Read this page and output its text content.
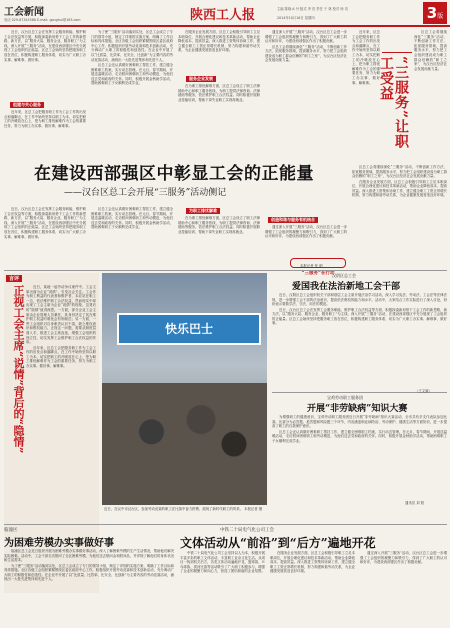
工会新闻
电话 029-87345588 E-mail: gonghui@163.com	陕西工人报	主编 陈晓 A 丹 版式 李 亮 责任 于 林 校对 杨 岚
2014年10月16日 星期四	3版

近日，汉台区总工会在发挥工会服务职能、维护职工合法权益等方面，积极探索新形势下工会工作的新思路、新方法，以“服务大局、服务企业、服务职工”为主线，深入开展“三服务”活动，在建设西部强区中充分展现了工会组织的正能量。区总工会始终坚持把服务职工放在首位，积极构建职工服务体系，切实为广大职工办实事、解难事、做好事。

组建与关心服务

近年来，区总工会把服务职工作为工会工作的出发点和落脚点，在工作中始终坚持以职工为本，切实把职工的冷暖放在心上，把为职工排忧解难作为工会的重要任务，努力为职工办实事、做好事、解难事。

为了使“三服务”活动落到实处，区总工会成立了专门的领导小组，制定了详细的实施方案，明确了工作目标和具体措施。全区各级工会组织紧紧围绕区委区政府中心工作，积极组织开展劳动竞赛和技术创新活动，充分调动广大职工的积极性和创造性。在企业中开展了以“比质量、比效率、比安全、比创新”为主要内容的劳动竞赛活动，涌现出一大批先进集体和先进个人。

区总工会还认真做好困难职工帮扶工作，建立健全困难职工档案，实行动态管理。在元旦、春节期间，开展送温暖活动，走访慰问困难职工和劳动模范，为他们送去党和政府的关怀。同时，积极开展金秋助学活动，帮助困难职工子女顺利完成学业。

在服务企业发展方面，区总工会积极引导职工立足本职岗位，开展合理化建议和技术革新活动，帮助企业降低成本、提高效益。深入推进工资集体协商工作，建立健全职工工资正常增长机制，努力构建和谐劳动关系，为企业健康发展营造良好环境。

服务企业发展

在为职工排忧解难方面，区总工会设立了职工法律援助中心和职工服务热线，为职工提供法律咨询、法律援助等服务，依法维护职工合法权益。同时积极开展职业技能培训，帮助下岗失业职工实现再就业。

通过深入开展“三服务”活动，汉台区总工会进一步增强了工会组织的凝聚力和吸引力，得到了广大职工的认可和好评，为建设西部强区作出了积极贡献。

区总工会将继续深化“三服务”活动，不断创新工作方法，拓宽服务领域，提高服务水平，努力把工会组织建设成为职工群众信赖的“职工之家”，为汉台区经济社会发展贡献力量。	“三服务”让职工受益

近年来，区总工会把服务职工作为工会工作的出发点和落脚点，在工作中始终坚持以职工为本，切实把职工的冷暖放在心上，把为职工排忧解难作为工会的重要任务，努力为职工办实事、做好事、解难事。

区总工会将继续深化“三服务”活动，不断创新工作方法，拓宽服务领域，提高服务水平，努力把工会组织建设成为职工群众信赖的“职工之家”，为汉台区经济社会发展贡献力量。

在建设西部强区中彰显工会的正能量
——汉台区总工会开展“三服务”活动侧记

近日，汉台区总工会在发挥工会服务职能、维护职工合法权益等方面，积极探索新形势下工会工作的新思路、新方法，以“服务大局、服务企业、服务职工”为主线，深入开展“三服务”活动，在建设西部强区中充分展现了工会组织的正能量。区总工会始终坚持把服务职工放在首位，积极构建职工服务体系，切实为广大职工办实事、解难事、做好事。

区总工会还认真做好困难职工帮扶工作，建立健全困难职工档案，实行动态管理。在元旦、春节期间，开展送温暖活动，走访慰问困难职工和劳动模范，为他们送去党和政府的关怀。同时，积极开展金秋助学活动，帮助困难职工子女顺利完成学业。

为职工排忧解难

在为职工排忧解难方面，区总工会设立了职工法律援助中心和职工服务热线，为职工提供法律咨询、法律援助等服务，依法维护职工合法权益。同时积极开展职业技能培训，帮助下岗失业职工实现再就业。

创造和谐与服务有机结合

通过深入开展“三服务”活动，汉台区总工会进一步增强了工会组织的凝聚力和吸引力，得到了广大职工的认可和好评，为建设西部强区作出了积极贡献。

“三服务”在行动

区总工会将继续深化“三服务”活动，不断创新工作方法，拓宽服务领域，提高服务水平，努力把工会组织建设成为职工群众信赖的“职工之家”，为汉台区经济社会发展贡献力量。

在服务企业发展方面，区总工会积极引导职工立足本职岗位，开展合理化建议和技术革新活动，帮助企业降低成本、提高效益。深入推进工资集体协商工作，建立健全职工工资正常增长机制，努力构建和谐劳动关系，为企业健康发展营造良好环境。

言评
正视工会主席“说情”背后的“隐情”	近日，某地一起劳动争议案件中，工会主席出面为企业“说情”，引发社会关注。工会作为职工利益的代表者和维护者，本应站在职工一边，依法维护职工合法权益，然而现实中却出现了工会主席为企业“说情”的现象，这背后的“隐情”值得深思。一方面，部分企业工会主席由企业管理人员兼任，其身份决定了其在维护职工权益时难免会有所顾虑；另一方面，一些工会组织对自身职责认识不清，缺乏维权意识和维权能力。正视这一问题，需要从制度层面入手，推进工会主席直选，增强工会组织的独立性，切实发挥工会维护职工合法权益的作用。

近年来，区总工会把服务职工作为工会工作的出发点和落脚点，在工作中始终坚持以职工为本，切实把职工的冷暖放在心上，把为职工排忧解难作为工会的重要任务，努力为职工办实事、做好事、解难事。

快乐巴士
近日，在汉中市汉台区，参加劳动竞赛的职工在比赛中奋力拼搏，展现了新时代职工的风采。 本报记者 摄
汉阴区总工会
爱国我在法治新地工会干部

近日，汉阴区总工会组织机关干部和基层工会主席开展法治学习活动，深入学习宪法、劳动法、工会法等法律法规，进一步增强工会干部的法治意识，提高依法维权的能力和水平。活动中，大家结合工作实际进行了深入讨论，纷纷表示要做学法、守法、用法的模范。

近日，汉台区总工会在发挥工会服务职能、维护职工合法权益等方面，积极探索新形势下工会工作的新思路、新方法，以“服务大局、服务企业、服务职工”为主线，深入开展“三服务”活动，在建设西部强区中充分展现了工会组织的正能量。区总工会始终坚持把服务职工放在首位，积极构建职工服务体系，切实为广大职工办实事、解难事、做好事。

宝鸡劳动职工服务团
开展“非劳缺病”知识大赛

为增强职工的健康意识，宝鸡劳动职工服务团近日开展“非劳缺病”知识大赛活动，全市共有多支代表队参加比赛。比赛分为必答题、抢答题和风险题三个环节，内容涵盖职业病防治、劳动保护、健康生活等方面知识，进一步提高了职工的自我保护意识。

区总工会还认真做好困难职工帮扶工作，建立健全困难职工档案，实行动态管理。在元旦、春节期间，开展送温暖活动，走访慰问困难职工和劳动模范，为他们送去党和政府的关怀。同时，积极开展金秋助学活动，帮助困难职工子女顺利完成学业。

临潼区
为困难劳模办实事做好事

临潼区总工会近日组织开展为困难劳模办实事做好事活动，深入了解困难劳模的生产生活情况，帮助他们解决实际困难。活动中，工会干部走访慰问了全区困难劳模，为他们送去慰问金和慰问品，并详细了解他们的身体状况和生活需求。

为了使“三服务”活动落到实处，区总工会成立了专门的领导小组，制定了详细的实施方案，明确了工作目标和具体措施。全区各级工会组织紧紧围绕区委区政府中心工作，积极组织开展劳动竞赛和技术创新活动，充分调动广大职工的积极性和创造性。在企业中开展了以“比质量、比效率、比安全、比创新”为主要内容的劳动竞赛活动，涌现出一大批先进集体和先进个人。

中铁二十局电气化公司工会
文体活动从“前沿”到“后方”遍地开花

中铁二十局电气化公司工会坚持以人为本，积极开展丰富多彩的职工文体活动，丰富职工业余文化生活。从项目一线到机关后方，各类文体活动遍地开花，篮球赛、乒乓球赛、拔河比赛等活动吸引了广大职工积极参与，增强了企业的凝聚力和向心力，营造了团结和谐的企业氛围。

在服务企业发展方面，区总工会积极引导职工立足本职岗位，开展合理化建议和技术革新活动，帮助企业降低成本、提高效益。深入推进工资集体协商工作，建立健全职工工资正常增长机制，努力构建和谐劳动关系，为企业健康发展营造良好环境。

通过深入开展“三服务”活动，汉台区总工会进一步增强了工会组织的凝聚力和吸引力，得到了广大职工的认可和好评，为建设西部强区作出了积极贡献。

本报记者 张 明
（王文斌）
通讯员 刘 阳
